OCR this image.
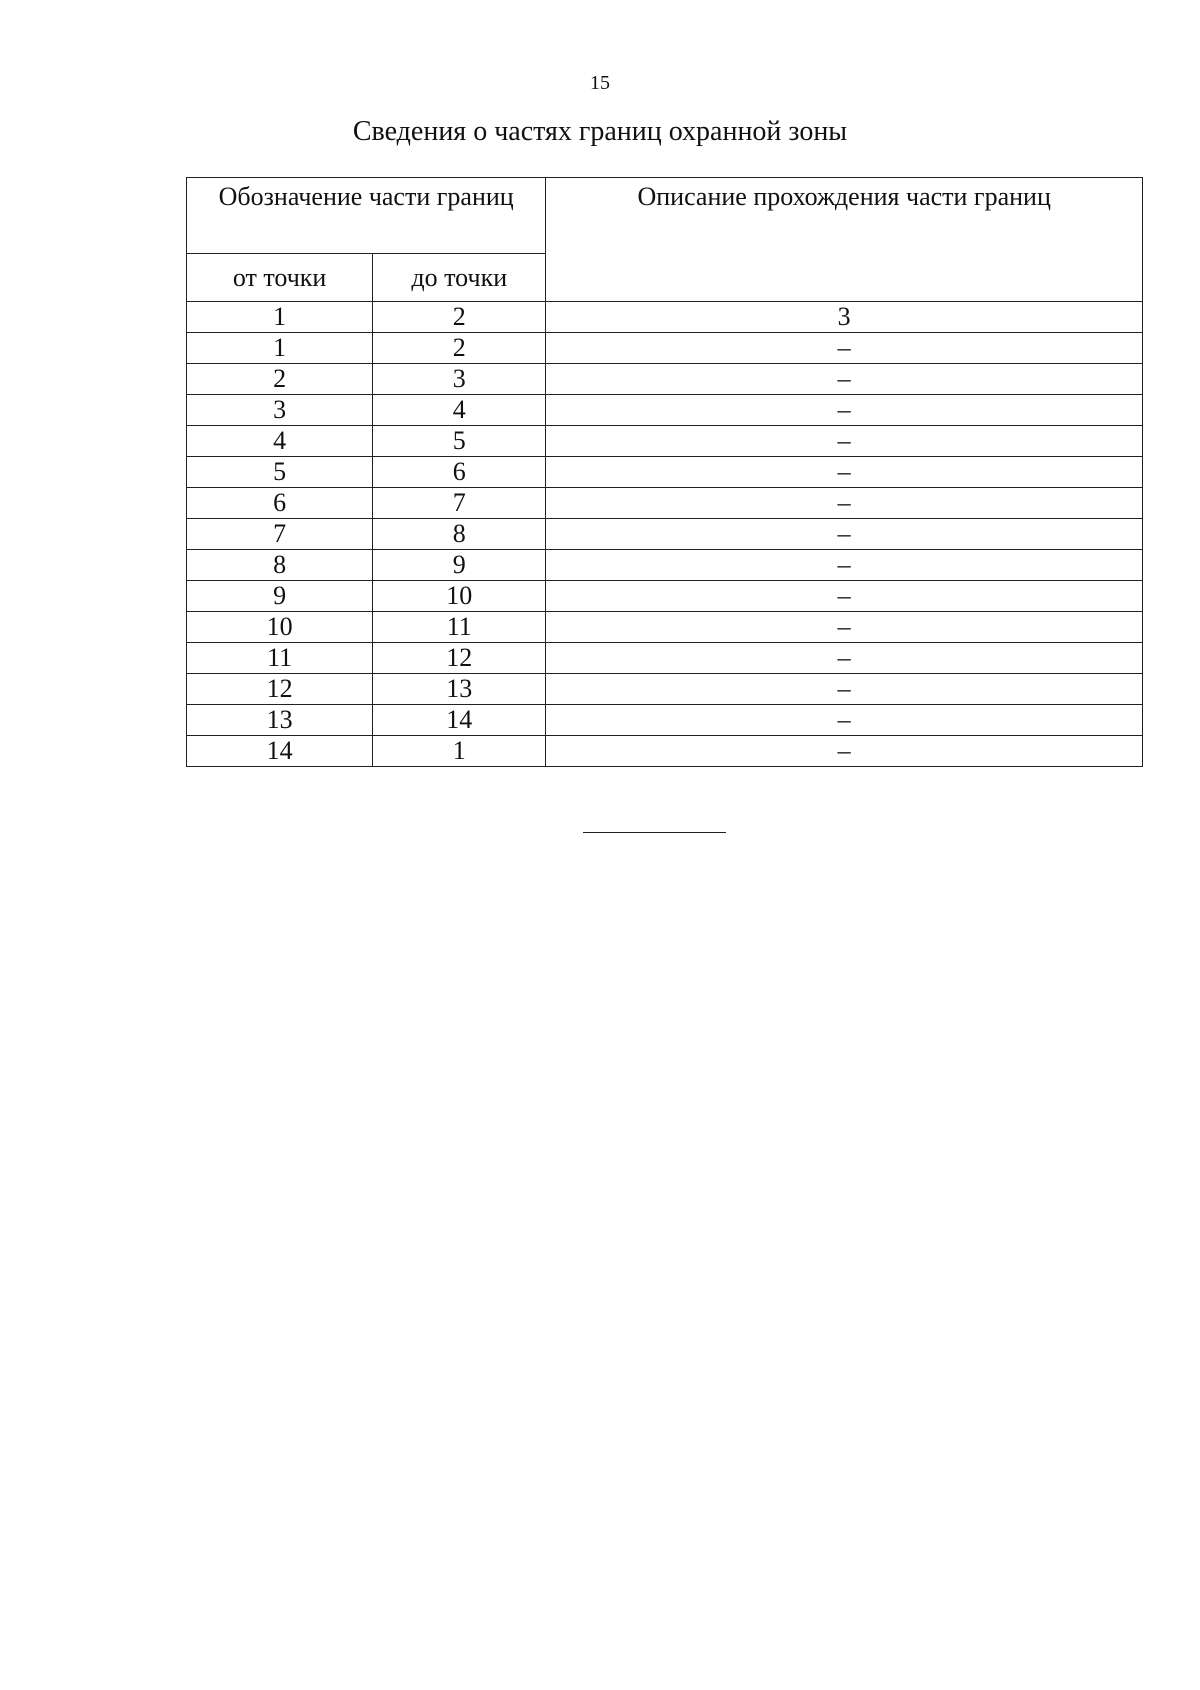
15
Сведения о частях границ охранной зоны
Обозначение части границ		Описание прохождения части границ
от точки	до точки	
1	2	3
1	2	–
2	3	–
3	4	–
4	5	–
5	6	–
6	7	–
7	8	–
8	9	–
9	10	–
10	11	–
11	12	–
12	13	–
13	14	–
14	1	–
